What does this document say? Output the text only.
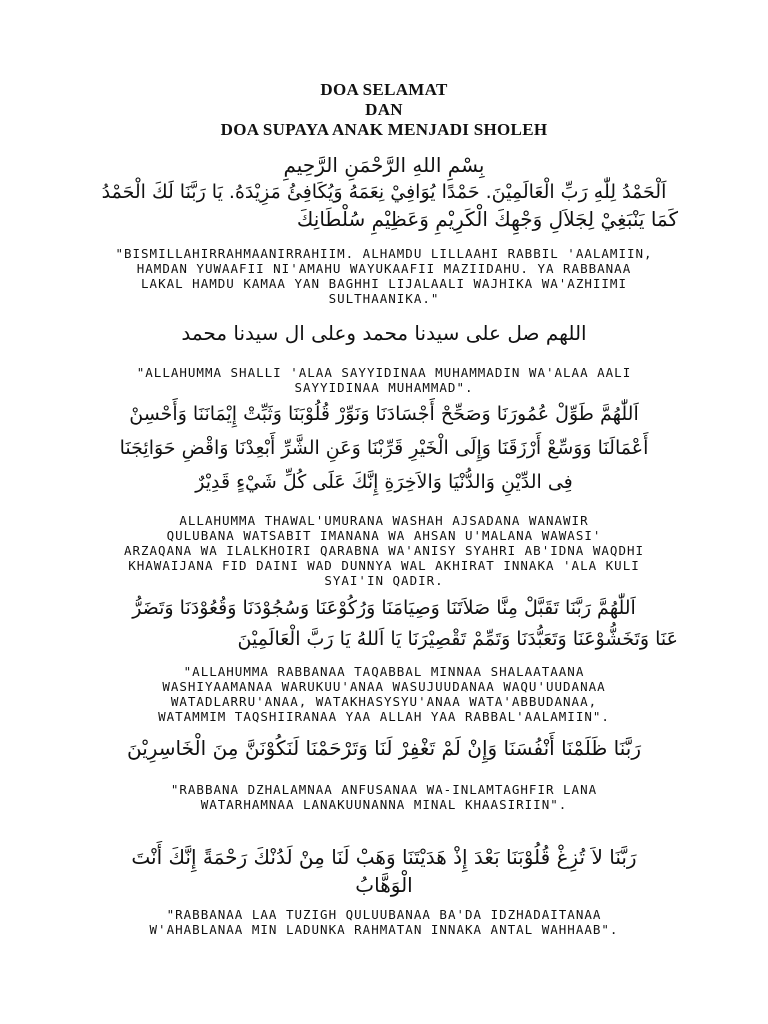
DOA SELAMAT
DAN
DOA SUPAYA ANAK MENJADI SHOLEH
بِسْمِ اللهِ الرَّحْمَنِ الرَّحِيمِ
اَلْحَمْدُ لِلّٰهِ رَبِّ الْعَالَمِيْنَ. حَمْدًا يُوَافِيْ نِعَمَهُ وَيُكَافِئُ مَزِيْدَهُ. يَا رَبَّنَا لَكَ الْحَمْدُ
كَمَا يَنْبَغِيْ لِجَلاَلِ وَجْهِكَ الْكَرِيْمِ وَعَظِيْمِ سُلْطَانِكَ
"BISMILLAHIRRAHMAANIRRAHIIM. ALHAMDU LILLAAHI RABBIL 'AALAMIIN,
HAMDAN YUWAAFII NI'AMAHU WAYUKAAFII MAZIIDAHU. YA RABBANAA
LAKAL HAMDU KAMAA YAN BAGHHI LIJALAALI WAJHIKA WA'AZHIIMI
SULTHAANIKA."
اللهم صل على سيدنا محمد وعلى ال سيدنا محمد
"ALLAHUMMA SHALLI 'ALAA SAYYIDINAA MUHAMMADIN WA'ALAA AALI
SAYYIDINAA MUHAMMAD".
اَللّٰهُمَّ طَوِّلْ عُمُورَنَا وَصَحِّحْ أَجْسَادَنَا وَنَوِّرْ قُلُوْبَنَا وَثَبِّتْ إِيْمَانَنَا وَأَحْسِنْ
أَعْمَالَنَا وَوَسِّعْ أَرْزَقَنَا وَإِلَى الْخَيْرِ قَرِّبْنَا وَعَنِ الشَّرِّ أَبْعِدْنَا وَاقْضِ حَوَائِجَنَا
فِى الدِّيْنِ وَالدُّنْيَا وَالاَخِرَةِ إِنَّكَ عَلَى كُلِّ شَيْءٍ قَدِيْرٌ
ALLAHUMMA THAWAL'UMURANA WASHAH AJSADANA WANAWIR
QULUBANA WATSABIT IMANANA WA AHSAN U'MALANA WAWASI'
ARZAQANA WA ILALKHOIRI QARABNA WA'ANISY SYAHRI AB'IDNA WAQDHI
KHAWAIJANA FID DAINI WAD DUNNYA WAL AKHIRAT INNAKA 'ALA KULI
SYAI'IN QADIR.
اَللّٰهُمَّ رَبَّنَا تَقَبَّلْ مِنَّا صَلاَتَنَا وَصِيَامَنَا وَرُكُوْعَنَا وَسُجُوْدَنَا وَقُعُوْدَنَا وَتَضَرُّ
عَنَا وَتَخَشُّوْعَنَا وَتَعَبُّدَنَا وَتَمِّمْ تَقْصِيْرَنَا يَا اَللهُ يَا رَبَّ الْعَالَمِيْنَ
"ALLAHUMMA RABBANAA TAQABBAL MINNAA SHALAATAANA
WASHIYAAMANAA WARUKUU'ANAA WASUJUUDANAA WAQU'UUDANAA
WATADLARRU'ANAA, WATAKHASYSYU'ANAA WATA'ABBUDANAA,
WATAMMIM TAQSHIIRANAA YAA ALLAH YAA RABBAL'AALAMIIN".
رَبَّنَا ظَلَمْنَا أَنْفُسَنَا وَإِنْ لَمْ تَغْفِرْ لَنَا وَتَرْحَمْنَا لَنَكُوْنَنَّ مِنَ الْخَاسِرِيْنَ
"RABBANA DZHALAMNAA ANFUSANAA WA-INLAMTAGHFIR LANA
WATARHAMNAA LANAKUUNANNA MINAL KHAASIRIIN".
رَبَّنَا لاَ تُزِغْ قُلُوْبَنَا بَعْدَ إِذْ هَدَيْتَنَا وَهَبْ لَنَا مِنْ لَدُنْكَ رَحْمَةً إِنَّكَ أَنْتَ
الْوَهَّابُ
"RABBANAA LAA TUZIGH QULUUBANAA BA'DA IDZHADAITANAA
W'AHABLANAA MIN LADUNKA RAHMATAN INNAKA ANTAL WAHHAAB".
